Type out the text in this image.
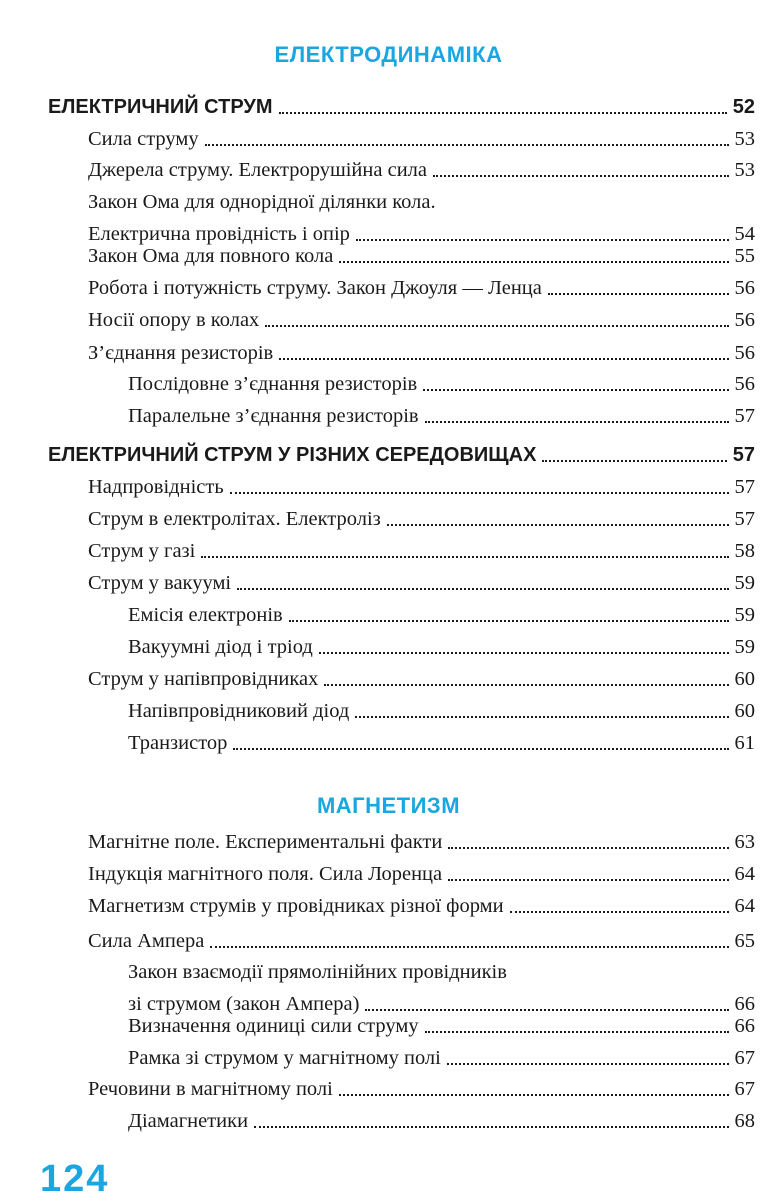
ЕЛЕКТРОДИНАМІКА
ЕЛЕКТРИЧНИЙ СТРУМ	52
Сила струму	53
Джерела струму. Електрорушійна сила	53
Закон Ома для однорідної ділянки кола.
Електрична провідність і опір	54
Закон Ома для повного кола	55
Робота і потужність струму. Закон Джоуля — Ленца	56
Носії опору в колах	56
З’єднання резисторів	56
Послідовне з’єднання резисторів	56
Паралельне з’єднання резисторів	57
ЕЛЕКТРИЧНИЙ СТРУМ У РІЗНИХ СЕРЕДОВИЩАХ	57
Надпровідність	57
Струм в електролітах. Електроліз	57
Струм у газі	58
Струм у вакуумі	59
Емісія електронів	59
Вакуумні діод і тріод	59
Струм у напівпровідниках	60
Напівпровідниковий діод	60
Транзистор	61
МАГНЕТИЗМ
Магнітне поле. Експериментальні факти	63
Індукція магнітного поля. Сила Лоренца	64
Магнетизм струмів у провідниках різної форми	64
Сила Ампера	65
Закон взаємодії прямолінійних провідників
зі струмом (закон Ампера)	66
Визначення одиниці сили струму	66
Рамка зі струмом у магнітному полі	67
Речовини в магнітному полі	67
Діамагнетики	68
124
